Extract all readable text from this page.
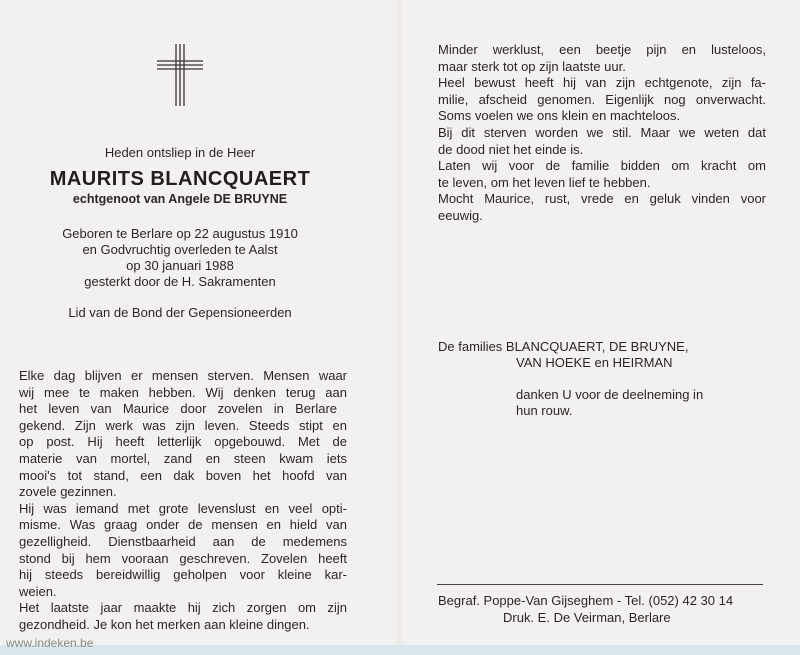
Heden ontsliep in de Heer
MAURITS BLANCQUAERT
echtgenoot van Angele DE BRUYNE
Geboren te Berlare op 22 augustus 1910
en Godvruchtig overleden te Aalst
op 30 januari 1988
gesterkt door de H. Sakramenten
Lid van de Bond der Gepensioneerden
Elke dag blijven er mensen sterven. Mensen waar
wij mee te maken hebben. Wij denken terug aan
het leven van Maurice door zovelen in Berlare
gekend. Zijn werk was zijn leven. Steeds stipt en
op post. Hij heeft letterlijk opgebouwd. Met de
materie van mortel, zand en steen kwam iets
mooi's tot stand, een dak boven het hoofd van
zovele gezinnen.
Hij was iemand met grote levenslust en veel opti-
misme. Was graag onder de mensen en hield van
gezelligheid. Dienstbaarheid aan de medemens
stond bij hem vooraan geschreven. Zovelen heeft
hij steeds bereidwillig geholpen voor kleine kar-
weien.
Het laatste jaar maakte hij zich zorgen om zijn
gezondheid. Je kon het merken aan kleine dingen.
Minder werklust, een beetje pijn en lusteloos,
maar sterk tot op zijn laatste uur.
Heel bewust heeft hij van zijn echtgenote, zijn fa-
milie, afscheid genomen. Eigenlijk nog onverwacht.
Soms voelen we ons klein en machteloos.
Bij dit sterven worden we stil. Maar we weten dat
de dood niet het einde is.
Laten wij voor de familie bidden om kracht om
te leven, om het leven lief te hebben.
Mocht Maurice, rust, vrede en geluk vinden voor
eeuwig.
De families BLANCQUAERT, DE BRUYNE,
VAN HOEKE en HEIRMAN
danken U voor de deelneming in
hun rouw.
Begraf. Poppe-Van Gijseghem - Tel. (052) 42 30 14
Druk. E. De Veirman, Berlare
www.indeken.be
